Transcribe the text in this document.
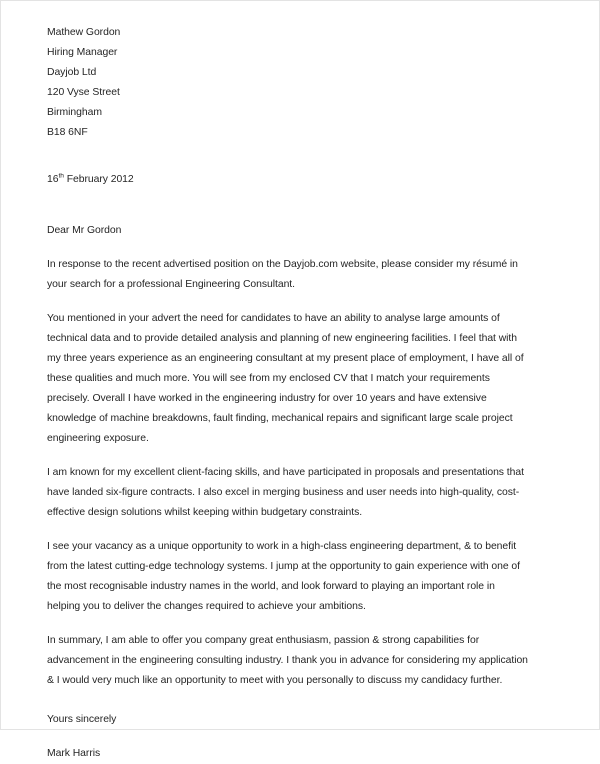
Mathew Gordon
Hiring Manager
Dayjob Ltd
120 Vyse Street
Birmingham
B18 6NF
16th February 2012
Dear Mr Gordon

In response to the recent advertised position on the Dayjob.com website, please consider my résumé in your search for a professional Engineering Consultant.

You mentioned in your advert the need for candidates to have an ability to analyse large amounts of technical data and to provide detailed analysis and planning of new engineering facilities. I feel that with my three years experience as an engineering consultant at my present place of employment, I have all of these qualities and much more. You will see from my enclosed CV that I match your requirements precisely. Overall I have worked in the engineering industry for over 10 years and have extensive knowledge of machine breakdowns, fault finding, mechanical repairs and significant large scale project engineering exposure.

I am known for my excellent client-facing skills, and have participated in proposals and presentations that have landed six-figure contracts. I also excel in merging business and user needs into high-quality, cost-effective design solutions whilst keeping within budgetary constraints.

I see your vacancy as a unique opportunity to work in a high-class engineering department, & to benefit from the latest cutting-edge technology systems. I jump at the opportunity to gain experience with one of the most recognisable industry names in the world, and look forward to playing an important role in helping you to deliver the changes required to achieve your ambitions.

In summary, I am able to offer you company great enthusiasm, passion & strong capabilities for advancement in the engineering consulting industry. I thank you in advance for considering my application & I would very much like an opportunity to meet with you personally to discuss my candidacy further.

Yours sincerely
Mark Harris
